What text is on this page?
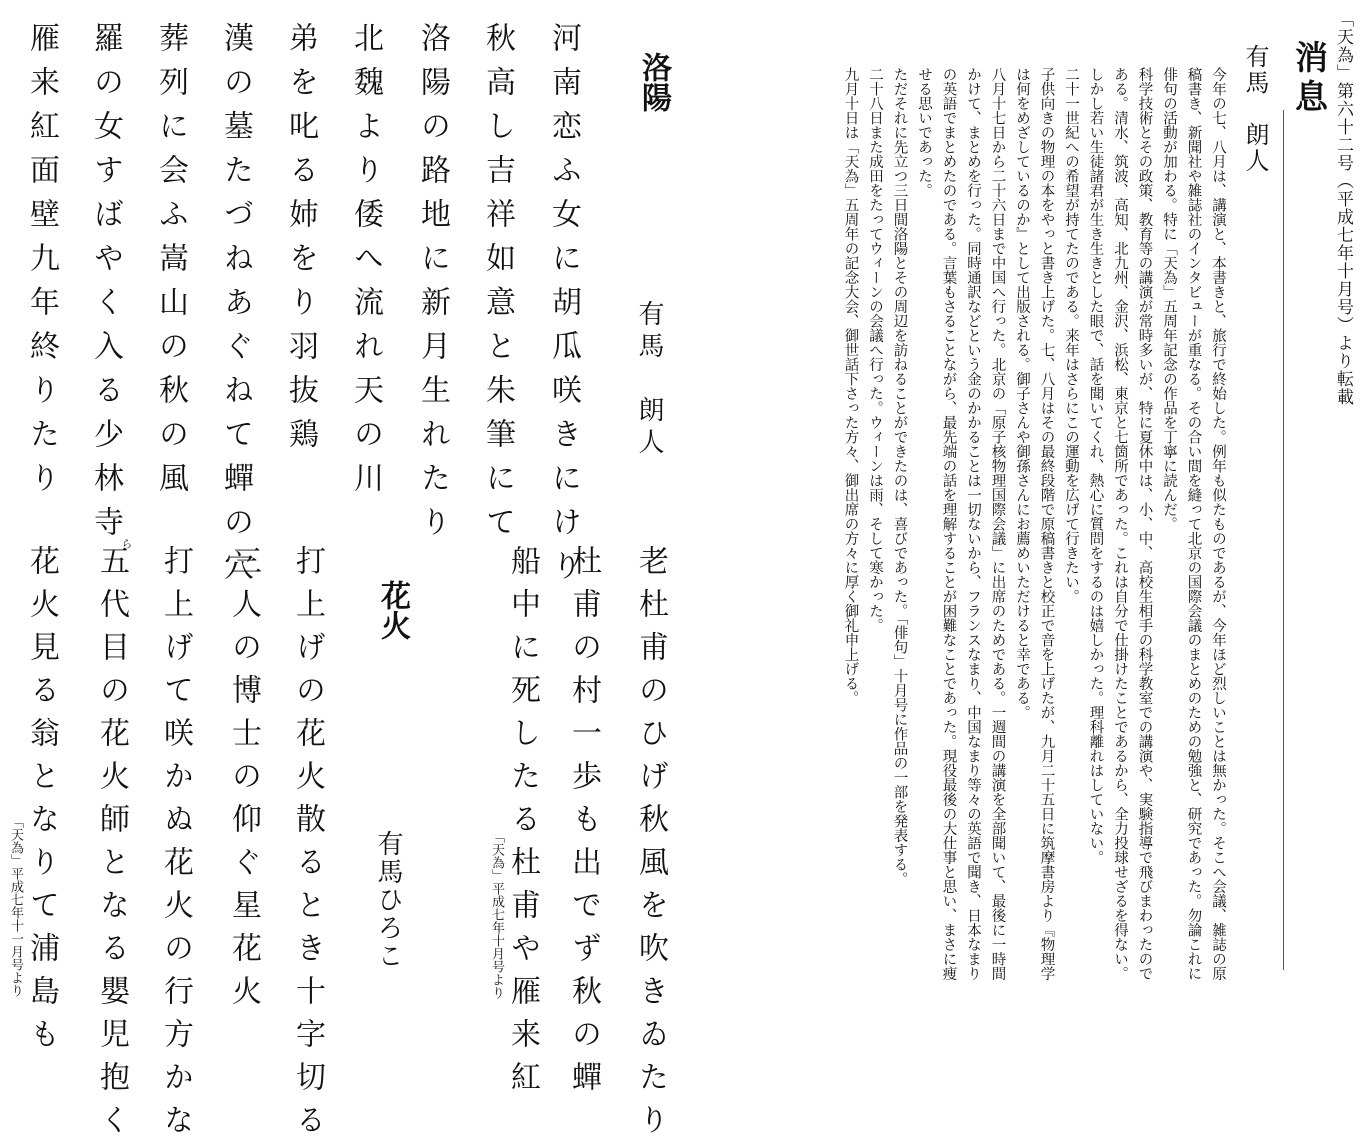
「天為」第六十二号（平成七年十月号）より転載
消息
有馬　朗人

今年の七、八月は、講演と、本書きと、旅行で終始した。例年も似たものであるが、今年ほど烈しいことは無かった。そこへ会議、雑誌の原稿書き、新聞社や雑誌社のインタビューが重なる。その合い間を縫って北京の国際会議のまとめのための勉強と、研究であった。勿論これに俳句の活動が加わる。特に「天為」五周年記念の作品を丁寧に読んだ。

科学技術とその政策、教育等の講演が常時多いが、特に夏休中は、小、中、高校生相手の科学教室での講演や、実験指導で飛びまわったのである。清水、筑波、高知、北九州、金沢、浜松、東京と七箇所であった。これは自分で仕掛けたことであるから、全力投球せざるを得ない。しかし若い生徒諸君が生き生きとした眼で、話を聞いてくれ、熱心に質問をするのは嬉しかった。理科離れはしていない。

二十一世紀への希望が持てたのである。来年はさらにこの運動を広げて行きたい。

子供向きの物理の本をやっと書き上げた。七、八月はその最終段階で原稿書きと校正で音を上げたが、九月二十五日に筑摩書房より『物理学は何をめざしているのか』として出版される。御子さんや御孫さんにお薦めいただけると幸である。

八月十七日から二十六日まで中国へ行った。北京の「原子核物理国際会議」に出席のためである。一週間の講演を全部聞いて、最後に一時間かけて、まとめを行った。同時通訳などという金のかかることは一切ないから、フランスなまり、中国なまり等々の英語で聞き、日本なまりの英語でまとめたのである。言葉もさることながら、最先端の話を理解することが困難なことであった。現役最後の大仕事と思い、まさに痩せる思いであった。

ただそれに先立つ三日間洛陽とその周辺を訪ねることができたのは、喜びであった。「俳句」十月号に作品の一部を発表する。

二十八日また成田をたってウィーンの会議へ行った。ウィーンは雨、そして寒かった。

九月十日は「天為」五周年の記念大会、御世話下さった方々、御出席の方々に厚く御礼申上げる。

洛陽
有馬　朗人
河南恋ふ女に胡瓜咲きにけり
秋高し吉祥如意と朱筆にて
洛陽の路地に新月生れたり
北魏より倭へ流れ天の川
弟を叱る姉をり羽抜鶏
漢の墓たづねあぐねて蟬の穴
葬列に会ふ嵩山の秋の風
羅の女すばやく入る少林寺
雁来紅面壁九年終りたり
ら
老杜甫のひげ秋風を吹きゐたり
杜甫の村一歩も出でず秋の蟬
船中に死したる杜甫や雁来紅
「天為」平成七年十月号より
花火
有馬ひろこ
打上げの花火散るとき十字切る
三人の博士の仰ぐ星花火
打上げて咲かぬ花火の行方かな
五代目の花火師となる嬰児抱く
花火見る翁となりて浦島も
「天為」平成七年十一月号より
